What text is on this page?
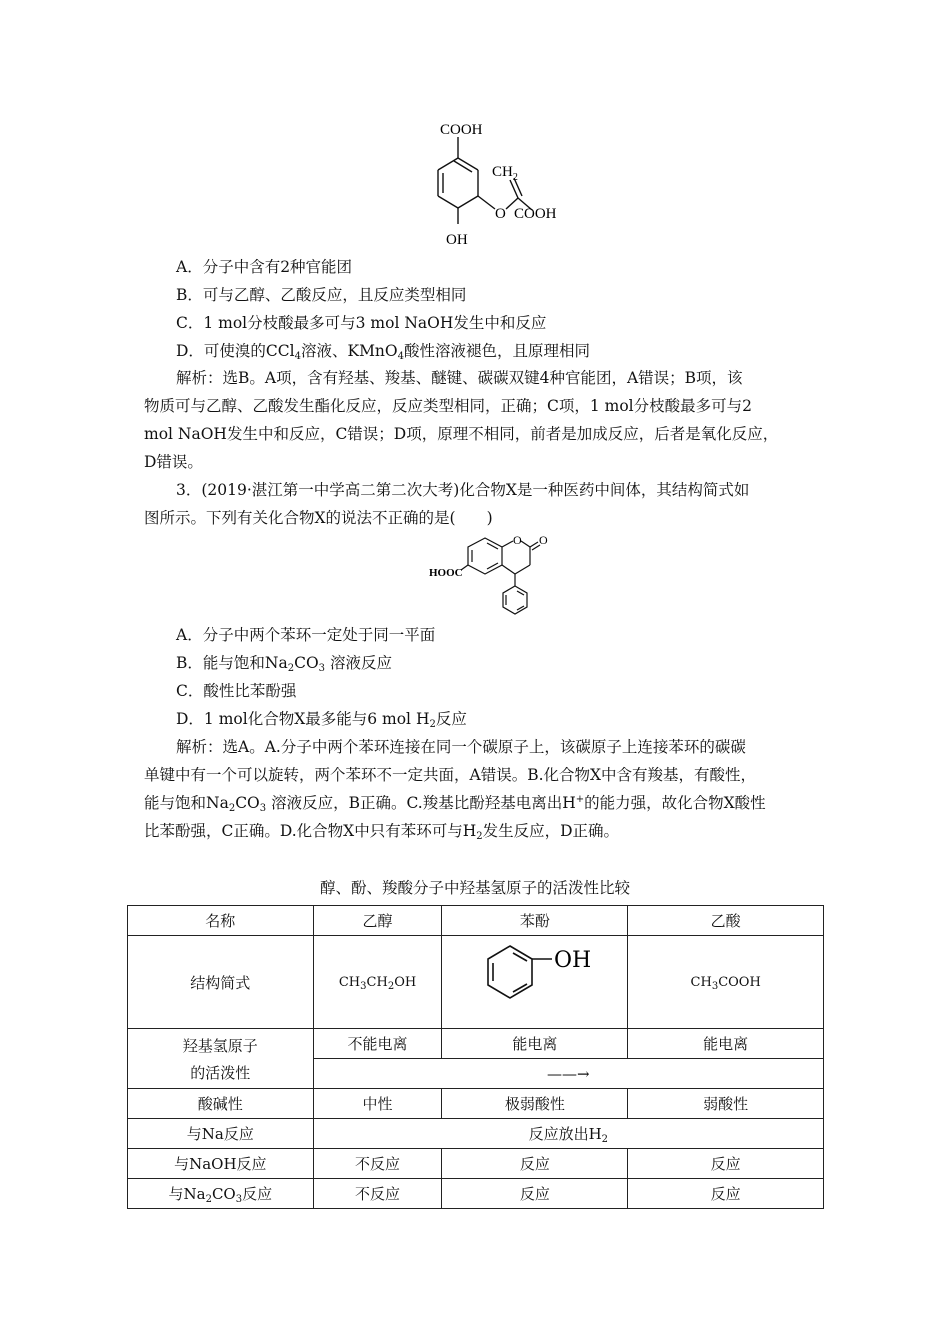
COOH
$CH_2$
O COOH
OH
A．分子中含有2种官能团
B．可与乙醇、乙酸反应，且反应类型相同
C．1 mol分枝酸最多可与3 mol NaOH发生中和反应
D．可使溴的CCl$_4$溶液、KMnO$_4$酸性溶液褪色，且原理相同
解析：选B。A项，含有羟基、羧基、醚键、碳碳双键4种官能团，A错误；B项，该
物质可与乙醇、乙酸发生酯化反应，反应类型相同，正确；C项，1 mol分枝酸最多可与2
mol NaOH发生中和反应，C错误；D项，原理不相同，前者是加成反应，后者是氧化反应，
D错误。
3．(2019·湛江第一中学高二第二次大考)化合物X是一种医药中间体，其结构简式如
图所示。下列有关化合物X的说法不正确的是(　　)
O O
HOOC
A．分子中两个苯环一定处于同一平面
B．能与饱和$Na_2CO_3$ 溶液反应
C．酸性比苯酚强
D．1 mol化合物X最多能与6 mol $H_2$反应
解析：选A。A.分子中两个苯环连接在同一个碳原子上，该碳原子上连接苯环的碳碳
单键中有一个可以旋转，两个苯环不一定共面，A错误。B.化合物X中含有羧基，有酸性，
能与饱和$Na_2CO_3$ 溶液反应，B正确。C.羧基比酚羟基电离出H+的能力强，故化合物X酸性
比苯酚强，C正确。D.化合物X中只有苯环可与$H_2$发生反应，D正确。
醇、酚、羧酸分子中羟基氢原子的活泼性比较
名称	乙醇	苯酚	乙酸
结构简式	$CH_3CH_2OH$	OH	$CH_3COOH$

羟基氢原子
的活泼性	不能电离	能电离	能电离
	——→		
酸碱性	中性	极弱酸性	弱酸性
与Na反应	反应放出$H_2$
与NaOH反应	不反应	反应	反应
与$Na_2CO_3$反应	不反应	反应	反应
